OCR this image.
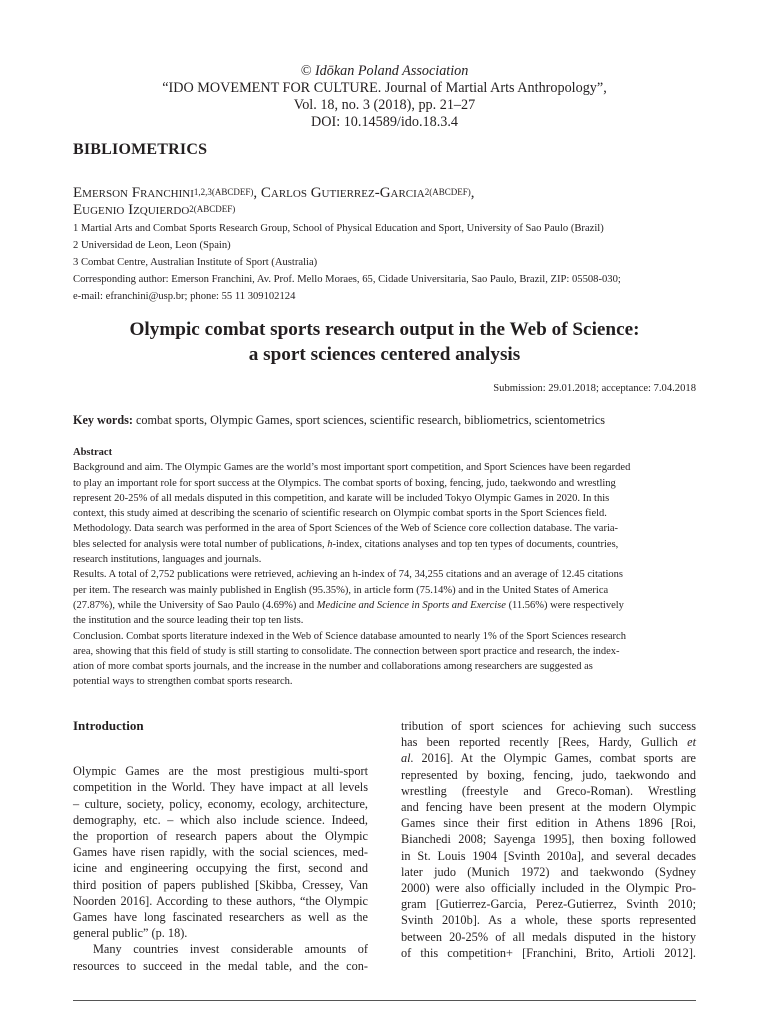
© Idōkan Poland Association
“IDO MOVEMENT FOR CULTURE. Journal of Martial Arts Anthropology”,
Vol. 18, no. 3 (2018), pp. 21–27
DOI: 10.14589/ido.18.3.4
BIBLIOMETRICS
Emerson Franchini$^{1,2,3(ABCDEF)}$, Carlos Gutierrez-Garcia$^{2(ABCDEF)}$,
Eugenio Izquierdo$^{2(ABCDEF)}$
1 Martial Arts and Combat Sports Research Group, School of Physical Education and Sport, University of Sao Paulo (Brazil)
2 Universidad de Leon, Leon (Spain)
3 Combat Centre, Australian Institute of Sport (Australia)
Corresponding author: Emerson Franchini, Av. Prof. Mello Moraes, 65, Cidade Universitaria, Sao Paulo, Brazil, ZIP: 05508-030;
e-mail: efranchini@usp.br; phone: 55 11 309102124
Olympic combat sports research output in the Web of Science:
a sport sciences centered analysis
Submission: 29.01.2018; acceptance: 7.04.2018
Key words: combat sports, Olympic Games, sport sciences, scientific research, bibliometrics, scientometrics
Abstract
Background and aim. The Olympic Games are the world’s most important sport competition, and Sport Sciences have been regarded
to play an important role for sport success at the Olympics. The combat sports of boxing, fencing, judo, taekwondo and wrestling
represent 20-25% of all medals disputed in this competition, and karate will be included Tokyo Olympic Games in 2020. In this
context, this study aimed at describing the scenario of scientific research on Olympic combat sports in the Sport Sciences field.
Methodology. Data search was performed in the area of Sport Sciences of the Web of Science core collection database. The varia-
bles selected for analysis were total number of publications, h-index, citations analyses and top ten types of documents, countries,
research institutions, languages and journals.
Results. A total of 2,752 publications were retrieved, achieving an h-index of 74, 34,255 citations and an average of 12.45 citations
per item. The research was mainly published in English (95.35%), in article form (75.14%) and in the United States of America
(27.87%), while the University of Sao Paulo (4.69%) and Medicine and Science in Sports and Exercise (11.56%) were respectively
the institution and the source leading their top ten lists.
Conclusion. Combat sports literature indexed in the Web of Science database amounted to nearly 1% of the Sport Sciences research
area, showing that this field of study is still starting to consolidate. The connection between sport practice and research, the index-
ation of more combat sports journals, and the increase in the number and collaborations among researchers are suggested as
potential ways to strengthen combat sports research.
Introduction
Olympic Games are the most prestigious multi-sport
competition in the World. They have impact at all levels
– culture, society, policy, economy, ecology, architecture,
demography, etc. – which also include science. Indeed,
the proportion of research papers about the Olympic
Games have risen rapidly, with the social sciences, med-
icine and engineering occupying the first, second and
third position of papers published [Skibba, Cressey, Van
Noorden 2016]. According to these authors, “the Olympic
Games have long fascinated researchers as well as the
general public” (p. 18).
Many countries invest considerable amounts of
resources to succeed in the medal table, and the con-
tribution of sport sciences for achieving such success
has been reported recently [Rees, Hardy, Gullich et
al. 2016]. At the Olympic Games, combat sports are
represented by boxing, fencing, judo, taekwondo and
wrestling (freestyle and Greco-Roman). Wrestling
and fencing have been present at the modern Olympic
Games since their first edition in Athens 1896 [Roi,
Bianchedi 2008; Sayenga 1995], then boxing followed
in St. Louis 1904 [Svinth 2010a], and several decades
later judo (Munich 1972) and taekwondo (Sydney
2000) were also officially included in the Olympic Pro-
gram [Gutierrez-Garcia, Perez-Gutierrez, Svinth 2010;
Svinth 2010b]. As a whole, these sports represented
between 20-25% of all medals disputed in the history
of this competition+ [Franchini, Brito, Artioli 2012].
